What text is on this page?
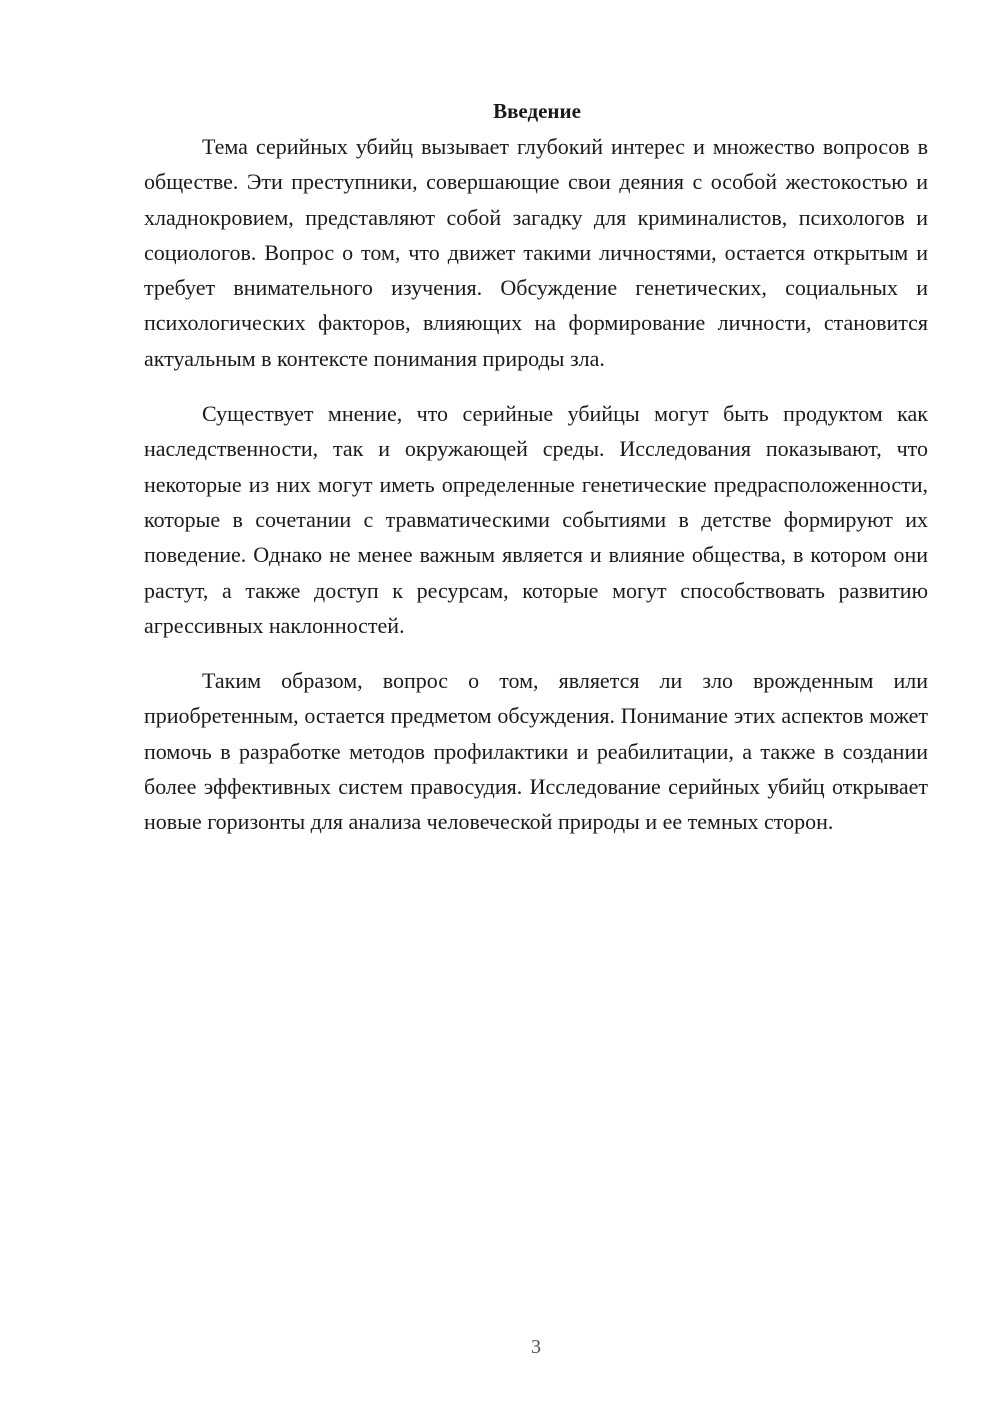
Введение

Тема серийных убийц вызывает глубокий интерес и множество вопросов в обществе. Эти преступники, совершающие свои деяния с особой жестокостью и хладнокровием, представляют собой загадку для криминалистов, психологов и социологов. Вопрос о том, что движет такими личностями, остается открытым и требует внимательного изучения. Обсуждение генетических, социальных и психологических факторов, влияющих на формирование личности, становится актуальным в контексте понимания природы зла.

Существует мнение, что серийные убийцы могут быть продуктом как наследственности, так и окружающей среды. Исследования показывают, что некоторые из них могут иметь определенные генетические предрасположенности, которые в сочетании с травматическими событиями в детстве формируют их поведение. Однако не менее важным является и влияние общества, в котором они растут, а также доступ к ресурсам, которые могут способствовать развитию агрессивных наклонностей.

Таким образом, вопрос о том, является ли зло врожденным или приобретенным, остается предметом обсуждения. Понимание этих аспектов может помочь в разработке методов профилактики и реабилитации, а также в создании более эффективных систем правосудия. Исследование серийных убийц открывает новые горизонты для анализа человеческой природы и ее темных сторон.

3
